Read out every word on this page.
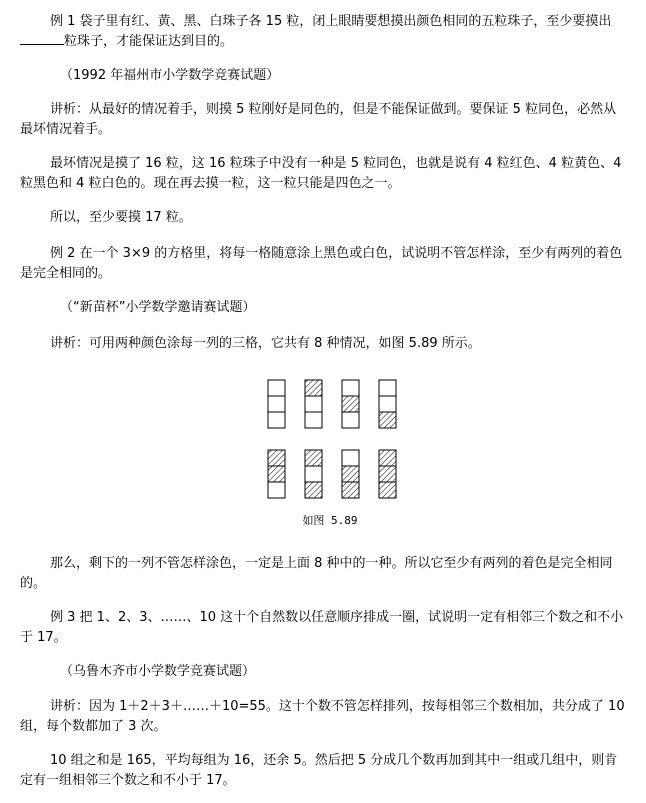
例 1 袋子里有红、黄、黑、白珠子各 15 粒，闭上眼睛要想摸出颜色相同的五粒珠子，至少要摸出粒珠子，才能保证达到目的。

（1992 年福州市小学数学竞赛试题）

讲析：从最好的情况着手，则摸 5 粒刚好是同色的，但是不能保证做到。要保证 5 粒同色，必然从最坏情况着手。

最坏情况是摸了 16 粒，这 16 粒珠子中没有一种是 5 粒同色，也就是说有 4 粒红色、4 粒黄色、4 粒黑色和 4 粒白色的。现在再去摸一粒，这一粒只能是四色之一。

所以，至少要摸 17 粒。

例 2 在一个 3×9 的方格里，将每一格随意涂上黑色或白色，试说明不管怎样涂，至少有两列的着色是完全相同的。

（“新苗杯”小学数学邀请赛试题）

讲析：可用两种颜色涂每一列的三格，它共有 8 种情况，如图 5.89 所示。

如图 5.89

那么，剩下的一列不管怎样涂色，一定是上面 8 种中的一种。所以它至少有两列的着色是完全相同的。

例 3 把 1、2、3、……、10 这十个自然数以任意顺序排成一圈，试说明一定有相邻三个数之和不小于 17。

（乌鲁木齐市小学数学竞赛试题）

讲析：因为 1＋2＋3＋……＋10=55。这十个数不管怎样排列，按每相邻三个数相加，共分成了 10 组，每个数都加了 3 次。

10 组之和是 165，平均每组为 16，还余 5。然后把 5 分成几个数再加到其中一组或几组中，则肯定有一组相邻三个数之和不小于 17。
